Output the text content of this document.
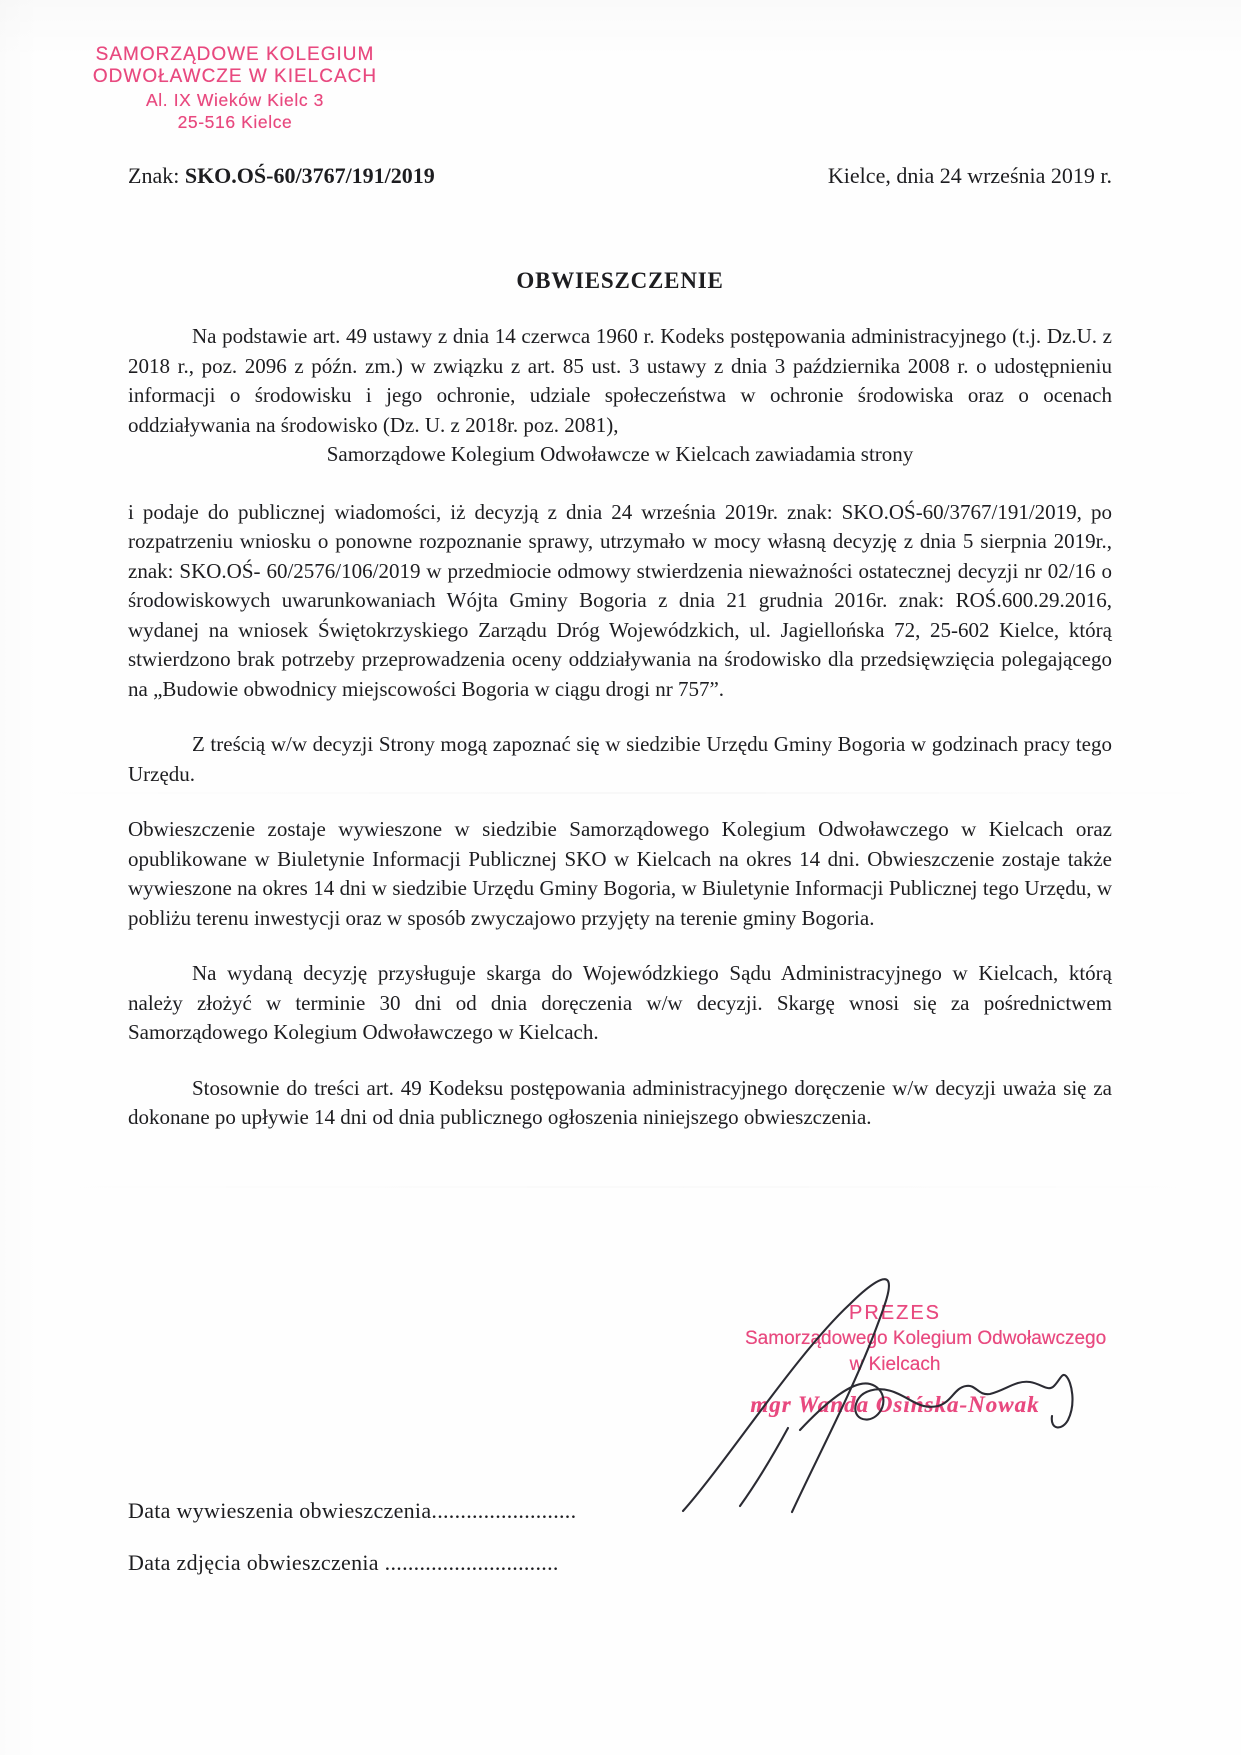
SAMORZĄDOWE KOLEGIUM
ODWOŁAWCZE W KIELCACH
Al. IX Wieków Kielc 3
25-516 Kielce
Znak: SKO.OŚ-60/3767/191/2019	Kielce, dnia 24 września 2019 r.
OBWIESZCZENIE

Na podstawie art. 49 ustawy z dnia 14 czerwca 1960 r. Kodeks postępowania administracyjnego (t.j. Dz.U. z 2018 r., poz. 2096 z późn. zm.) w związku z art. 85 ust. 3 ustawy z dnia 3 października 2008 r. o udostępnieniu informacji o środowisku i jego ochronie, udziale społeczeństwa w ochronie środowiska oraz o ocenach oddziaływania na środowisko (Dz. U. z 2018r. poz. 2081),

Samorządowe Kolegium Odwoławcze w Kielcach zawiadamia strony

i podaje do publicznej wiadomości, iż decyzją z dnia 24 września 2019r. znak: SKO.OŚ-60/3767/191/2019, po rozpatrzeniu wniosku o ponowne rozpoznanie sprawy, utrzymało w mocy własną decyzję z dnia 5 sierpnia 2019r., znak: SKO.OŚ- 60/2576/106/2019 w przedmiocie odmowy stwierdzenia nieważności ostatecznej decyzji nr 02/16 o środowiskowych uwarunkowaniach Wójta Gminy Bogoria z dnia 21 grudnia 2016r. znak: ROŚ.600.29.2016, wydanej na wniosek Świętokrzyskiego Zarządu Dróg Wojewódzkich, ul. Jagiellońska 72, 25-602 Kielce, którą stwierdzono brak potrzeby przeprowadzenia oceny oddziaływania na środowisko dla przedsięwzięcia polegającego na „Budowie obwodnicy miejscowości Bogoria w ciągu drogi nr 757”.

Z treścią w/w decyzji Strony mogą zapoznać się w siedzibie Urzędu Gminy Bogoria w godzinach pracy tego Urzędu.

Obwieszczenie zostaje wywieszone w siedzibie Samorządowego Kolegium Odwoławczego w Kielcach oraz opublikowane w Biuletynie Informacji Publicznej SKO w Kielcach na okres 14 dni. Obwieszczenie zostaje także wywieszone na okres 14 dni w siedzibie Urzędu Gminy Bogoria, w Biuletynie Informacji Publicznej tego Urzędu, w pobliżu terenu inwestycji oraz w sposób zwyczajowo przyjęty na terenie gminy Bogoria.

Na wydaną decyzję przysługuje skarga do Wojewódzkiego Sądu Administracyjnego w Kielcach, którą należy złożyć w terminie 30 dni od dnia doręczenia w/w decyzji. Skargę wnosi się za pośrednictwem Samorządowego Kolegium Odwoławczego w Kielcach.

Stosownie do treści art. 49 Kodeksu postępowania administracyjnego doręczenie w/w decyzji uważa się za dokonane po upływie 14 dni od dnia publicznego ogłoszenia niniejszego obwieszczenia.

PREZES
Samorządowego Kolegium Odwoławczego
w Kielcach
mgr Wanda Osińska-Nowak

Data wywieszenia obwieszczenia.........................

Data zdjęcia obwieszczenia ..............................
